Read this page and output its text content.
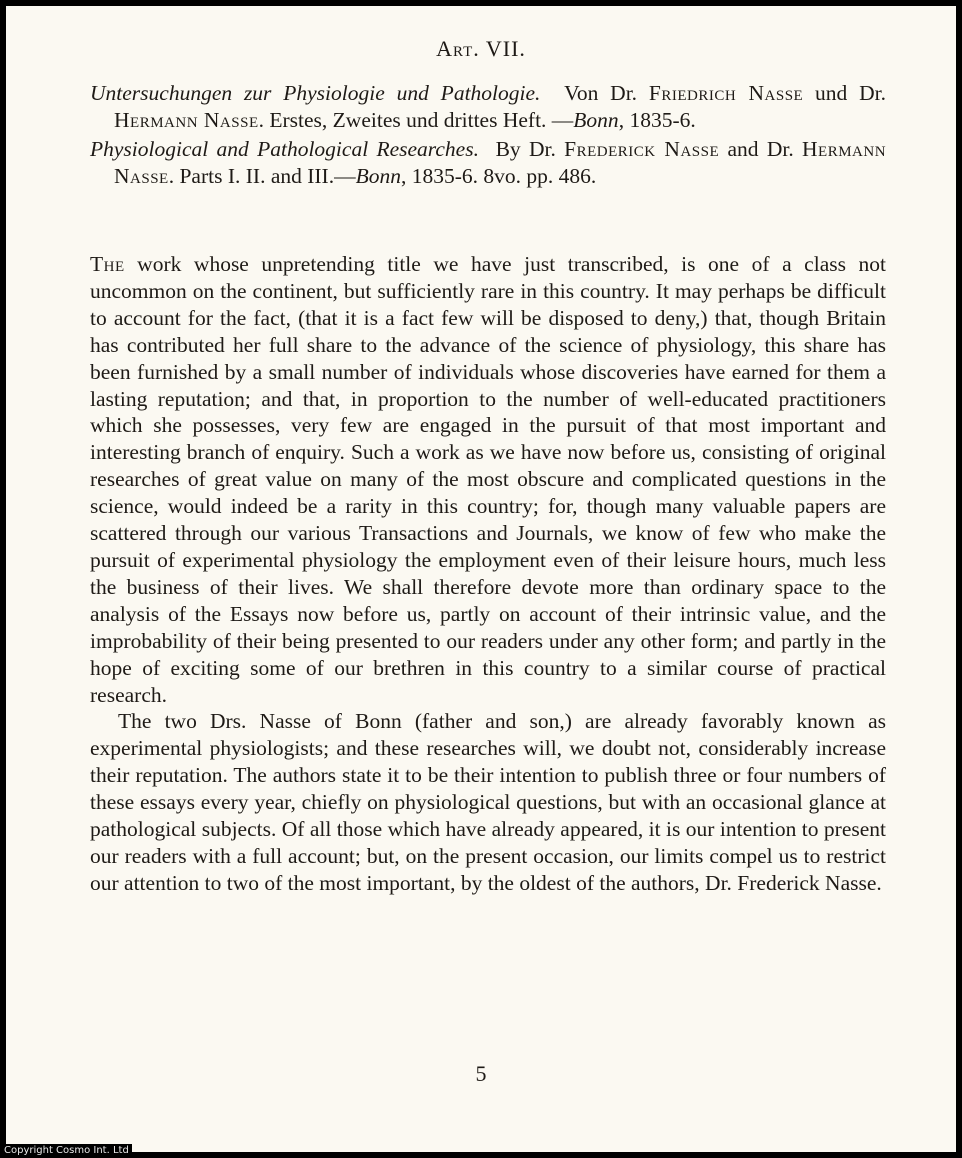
Art. VII.

Untersuchungen zur Physiologie und Pathologie. Von Dr. Friedrich Nasse und Dr. Hermann Nasse. Erstes, Zweites und drittes Heft. —Bonn, 1835-6.

Physiological and Pathological Researches. By Dr. Frederick Nasse and Dr. Hermann Nasse. Parts I. II. and III.—Bonn, 1835-6. 8vo. pp. 486.

The work whose unpretending title we have just transcribed, is one of a class not uncommon on the continent, but sufficiently rare in this country. It may perhaps be difficult to account for the fact, (that it is a fact few will be disposed to deny,) that, though Britain has contributed her full share to the advance of the science of physiology, this share has been furnished by a small number of individuals whose discoveries have earned for them a lasting reputation; and that, in proportion to the number of well-educated practitioners which she possesses, very few are engaged in the pursuit of that most important and interesting branch of enquiry. Such a work as we have now before us, consisting of original researches of great value on many of the most obscure and complicated questions in the science, would indeed be a rarity in this country; for, though many valuable papers are scattered through our various Transactions and Journals, we know of few who make the pursuit of experimental physiology the employment even of their leisure hours, much less the business of their lives. We shall therefore devote more than ordinary space to the analysis of the Essays now before us, partly on account of their intrinsic value, and the improbability of their being presented to our readers under any other form; and partly in the hope of exciting some of our brethren in this country to a similar course of practical research.

The two Drs. Nasse of Bonn (father and son,) are already favorably known as experimental physiologists; and these researches will, we doubt not, considerably increase their reputation. The authors state it to be their intention to publish three or four numbers of these essays every year, chiefly on physiological questions, but with an occasional glance at pathological subjects. Of all those which have already appeared, it is our intention to present our readers with a full account; but, on the present occasion, our limits compel us to restrict our attention to two of the most important, by the oldest of the authors, Dr. Frederick Nasse.

5
Copyright Cosmo Int. Ltd
